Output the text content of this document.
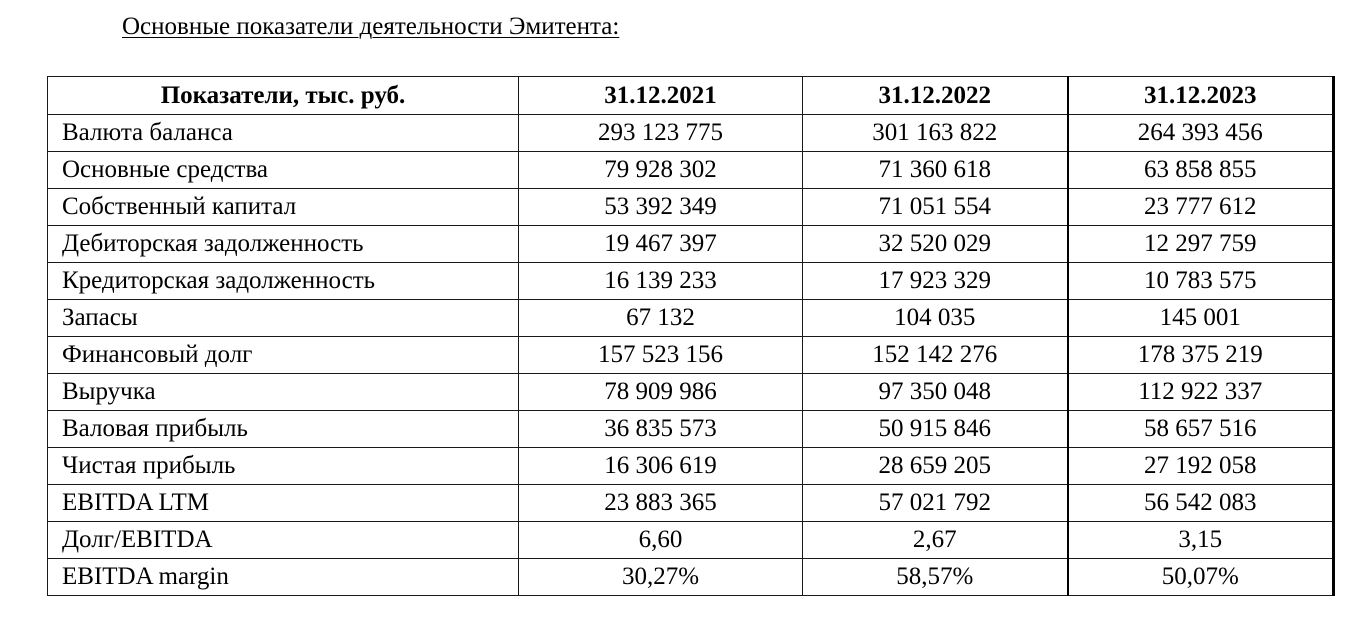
Основные показатели деятельности Эмитента:
Показатели, тыс. руб.	31.12.2021	31.12.2022	31.12.2023
Валюта баланса	293 123 775	301 163 822	264 393 456
Основные средства	79 928 302	71 360 618	63 858 855
Собственный капитал	53 392 349	71 051 554	23 777 612
Дебиторская задолженность	19 467 397	32 520 029	12 297 759
Кредиторская задолженность	16 139 233	17 923 329	10 783 575
Запасы	67 132	104 035	145 001
Финансовый долг	157 523 156	152 142 276	178 375 219
Выручка	78 909 986	97 350 048	112 922 337
Валовая прибыль	36 835 573	50 915 846	58 657 516
Чистая прибыль	16 306 619	28 659 205	27 192 058
EBITDA LTM	23 883 365	57 021 792	56 542 083
Долг/EBITDA	6,60	2,67	3,15
EBITDA margin	30,27%	58,57%	50,07%
